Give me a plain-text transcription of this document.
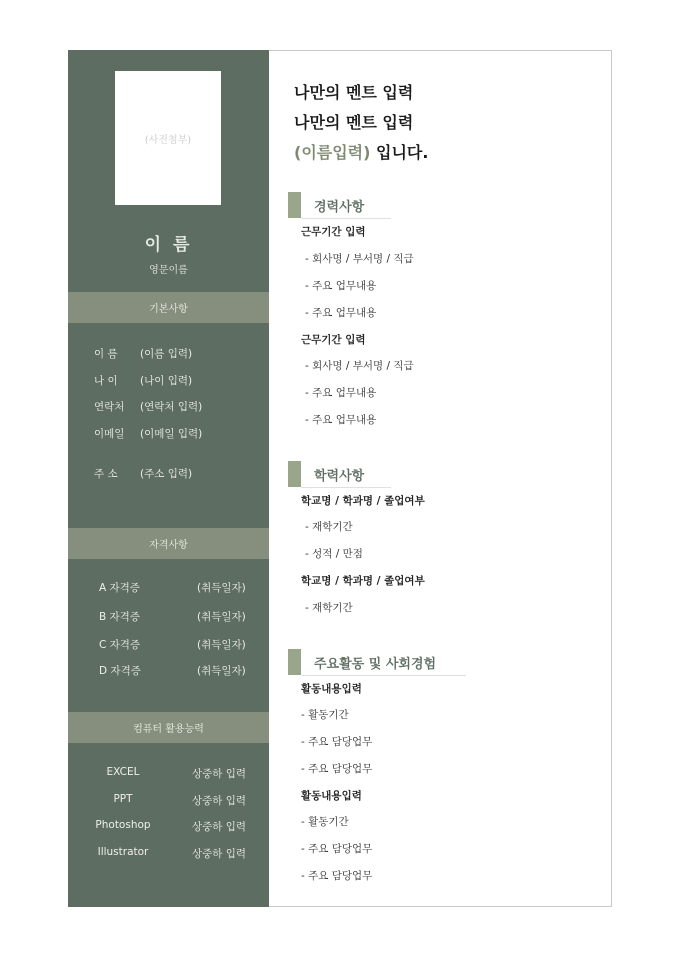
(사진첨부)
이 름
영문이름
기본사항
이 름 (이름 입력)
나 이 (나이 입력)
연락처 (연락처 입력)
이메일 (이메일 입력)
주 소 (주소 입력)
자격사항
A 자격증	(취득일자)
B 자격증	(취득일자)
C 자격증	(취득일자)
D 자격증	(취득일자)
컴퓨터 활용능력
EXCEL	상중하 입력
PPT	상중하 입력
Photoshop	상중하 입력
Illustrator	상중하 입력
나만의 멘트 입력
나만의 멘트 입력
(이름입력) 입니다.
경력사항
근무기간 입력
- 회사명 / 부서명 / 직급
- 주요 업무내용
- 주요 업무내용
근무기간 입력
- 회사명 / 부서명 / 직급
- 주요 업무내용
- 주요 업무내용
학력사항
학교명 / 학과명 / 졸업여부
- 재학기간
- 성적 / 만점
학교명 / 학과명 / 졸업여부
- 재학기간
주요활동 및 사회경험
활동내용입력
- 활동기간
- 주요 담당업무
- 주요 담당업무
활동내용입력
- 활동기간
- 주요 담당업무
- 주요 담당업무
